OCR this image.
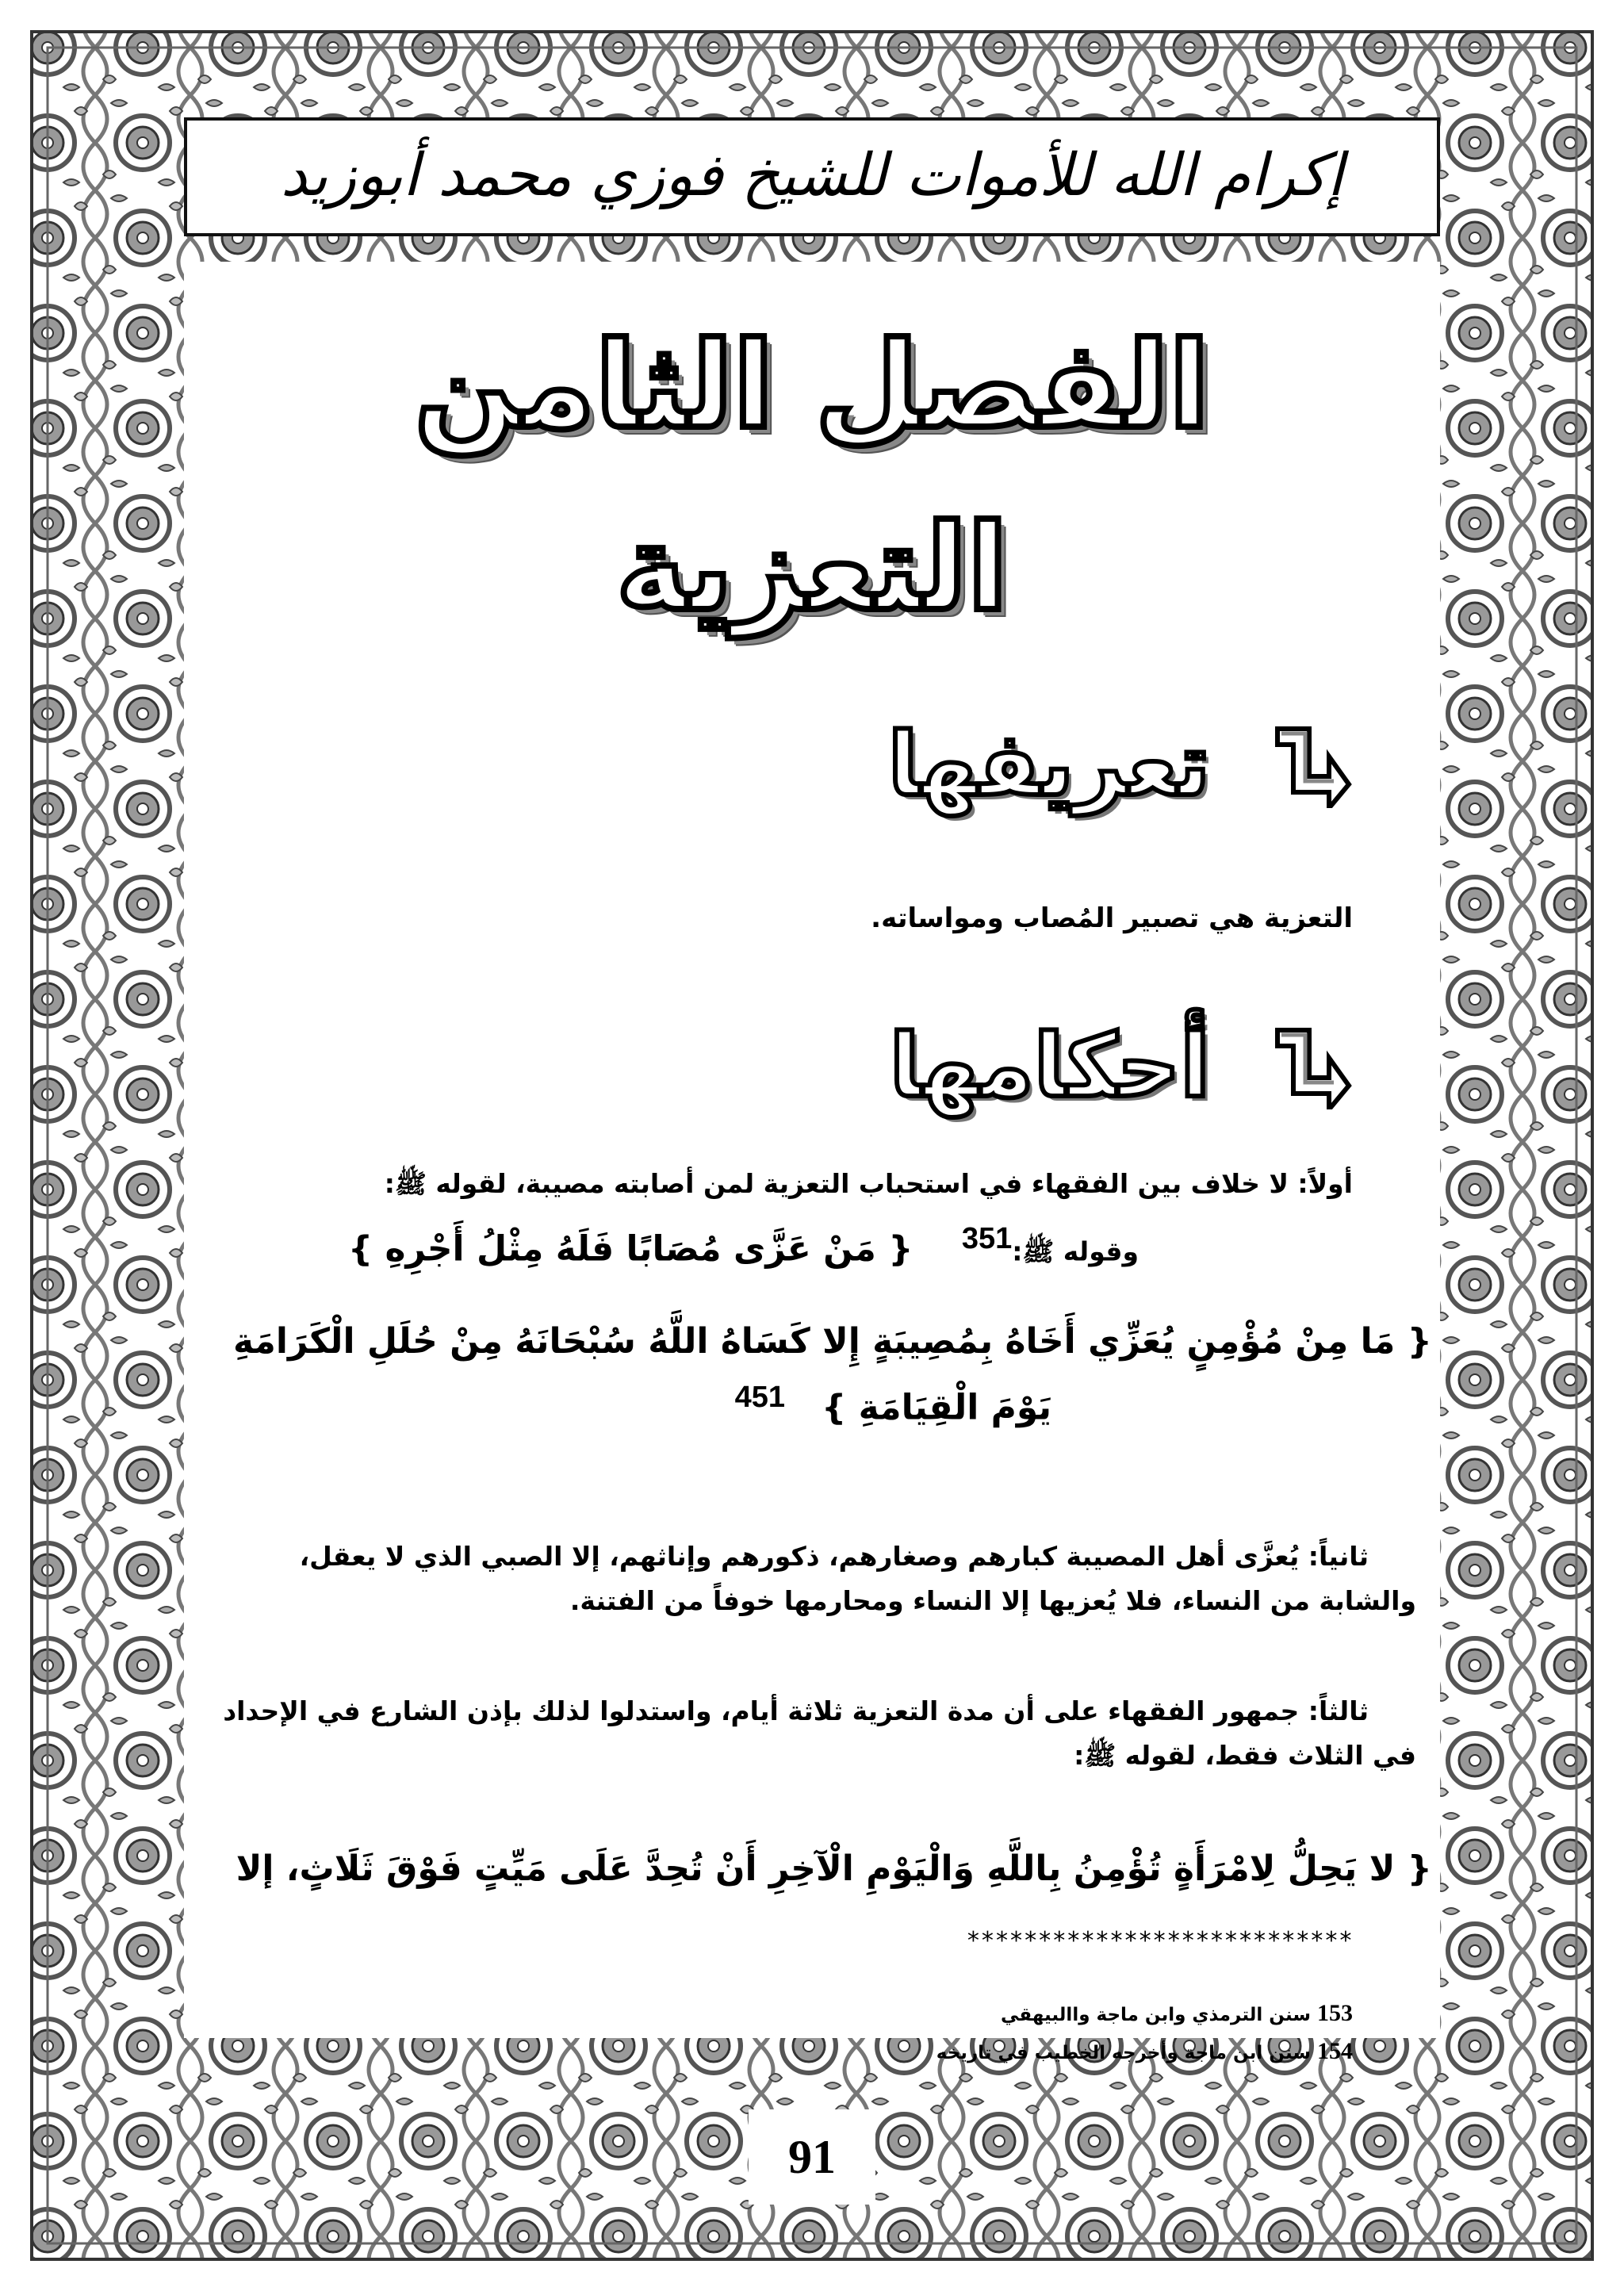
إكرام الله للأموات للشيخ فوزي محمد أبوزيد
الفصل الثامن
التعزية
تعريفها
التعزية هي تصبير المُصاب ومواساته.
أحكامها
أولاً: لا خلاف بين الفقهاء في استحباب التعزية لمن أصابته مصيبة، لقوله ﷺ:
وقوله ﷺ:351    { مَنْ عَزَّى مُصَابًا فَلَهُ مِثْلُ أَجْرِهِ }
{ مَا مِنْ مُؤْمِنٍ يُعَزِّي أَخَاهُ بِمُصِيبَةٍ إِلا كَسَاهُ اللَّهُ سُبْحَانَهُ مِنْ حُلَلِ الْكَرَامَةِ
يَوْمَ الْقِيَامَةِ }   451
ثانياً: يُعزَّى أهل المصيبة كبارهم وصغارهم، ذكورهم وإناثهم، إلا الصبي الذي لا يعقل، والشابة من النساء، فلا يُعزيها إلا النساء ومحارمها خوفاً من الفتنة.
ثالثاً: جمهور الفقهاء على أن مدة التعزية ثلاثة أيام، واستدلوا لذلك بإذن الشارع في الإحداد في الثلاث فقط، لقوله ﷺ:
{ لا يَحِلُّ لِامْرَأَةٍ تُؤْمِنُ بِاللَّهِ وَالْيَوْمِ الْآخِرِ أَنْ تُحِدَّ عَلَى مَيِّتٍ فَوْقَ ثَلَاثٍ، إلا
***************************
153 سنن الترمذي وابن ماجة واالبيهقي
154 سنن ابن ماجة وأخرجه الخطيب في تاريخه
91
